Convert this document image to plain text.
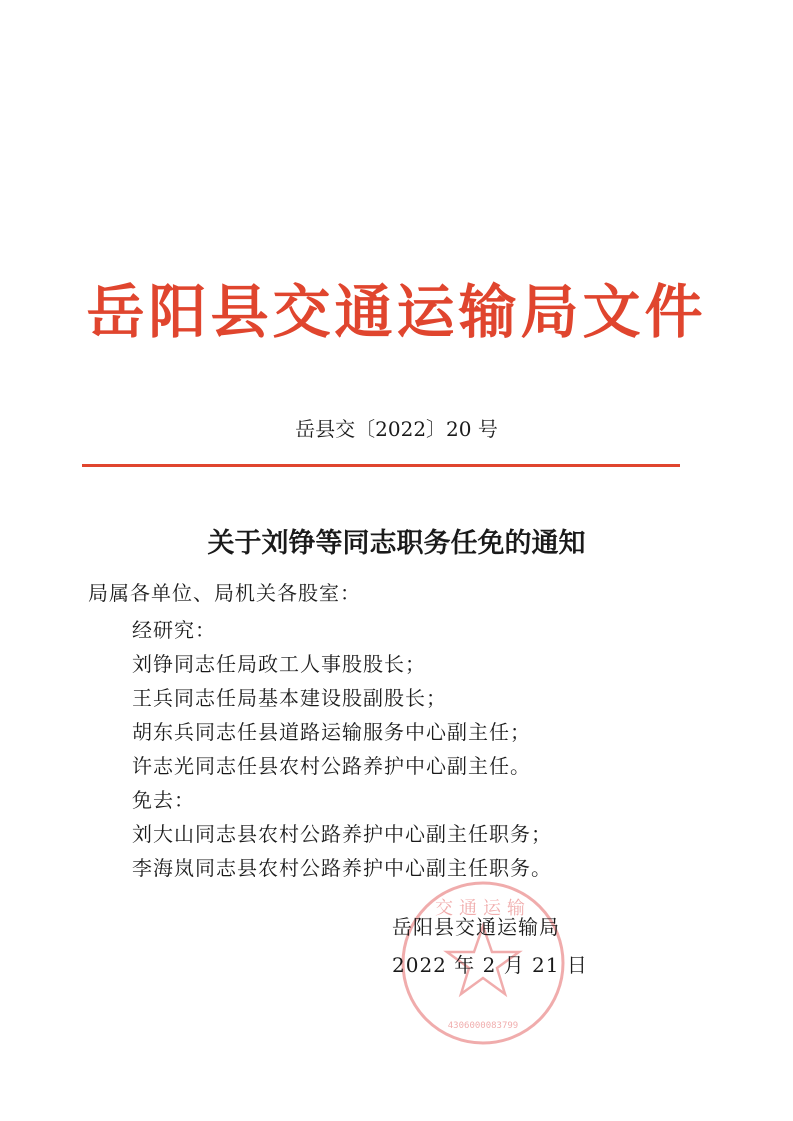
岳阳县交通运输局文件
岳县交〔2022〕20 号
关于刘铮等同志职务任免的通知
局属各单位、局机关各股室：
经研究：
刘铮同志任局政工人事股股长；
王兵同志任局基本建设股副股长；
胡东兵同志任县道路运输服务中心副主任；
许志光同志任县农村公路养护中心副主任。
免去：
刘大山同志县农村公路养护中心副主任职务；
李海岚同志县农村公路养护中心副主任职务。
交通运输
4306000083799
岳阳县交通运输局
2022 年 2 月 21 日
